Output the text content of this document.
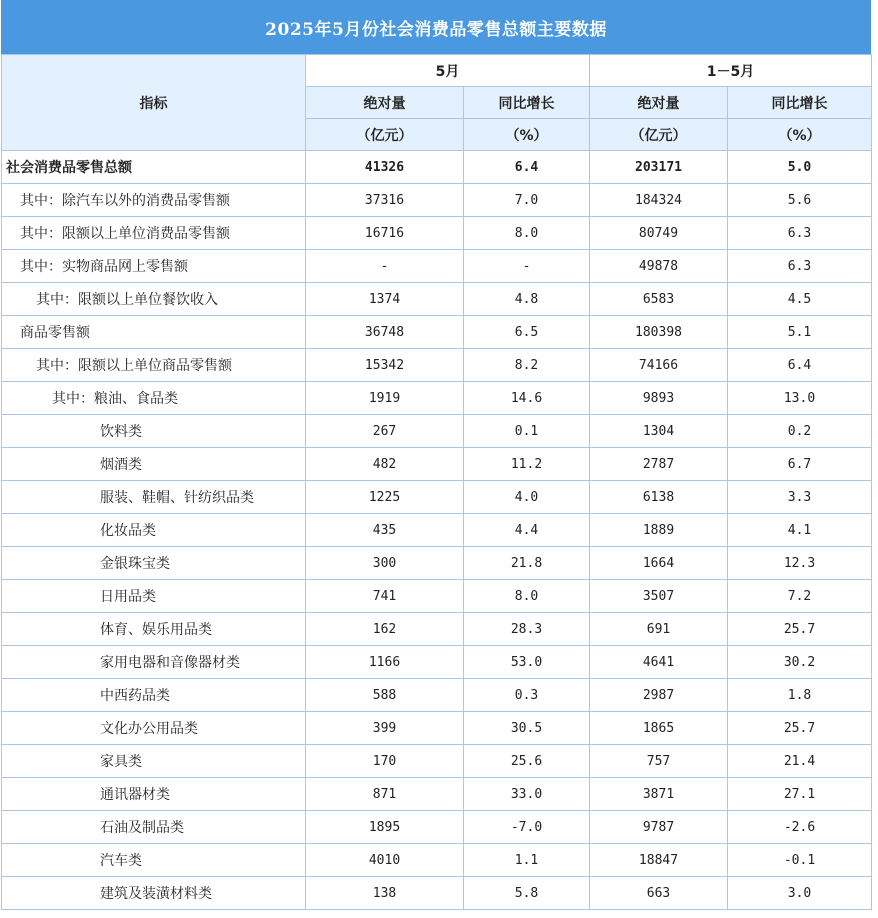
2025年5月份社会消费品零售总额主要数据
指标	5月		1－5月	
	绝对量	同比增长	绝对量	同比增长
	（亿元）	（%）	（亿元）	（%）
社会消费品零售总额	41326	6.4	203171	5.0
其中：除汽车以外的消费品零售额	37316	7.0	184324	5.6
其中：限额以上单位消费品零售额	16716	8.0	80749	6.3
其中：实物商品网上零售额	-	-	49878	6.3
其中：限额以上单位餐饮收入	1374	4.8	6583	4.5
商品零售额	36748	6.5	180398	5.1
其中：限额以上单位商品零售额	15342	8.2	74166	6.4
其中：粮油、食品类	1919	14.6	9893	13.0
饮料类	267	0.1	1304	0.2
烟酒类	482	11.2	2787	6.7
服装、鞋帽、针纺织品类	1225	4.0	6138	3.3
化妆品类	435	4.4	1889	4.1
金银珠宝类	300	21.8	1664	12.3
日用品类	741	8.0	3507	7.2
体育、娱乐用品类	162	28.3	691	25.7
家用电器和音像器材类	1166	53.0	4641	30.2
中西药品类	588	0.3	2987	1.8
文化办公用品类	399	30.5	1865	25.7
家具类	170	25.6	757	21.4
通讯器材类	871	33.0	3871	27.1
石油及制品类	1895	-7.0	9787	-2.6
汽车类	4010	1.1	18847	-0.1
建筑及装潢材料类	138	5.8	663	3.0
